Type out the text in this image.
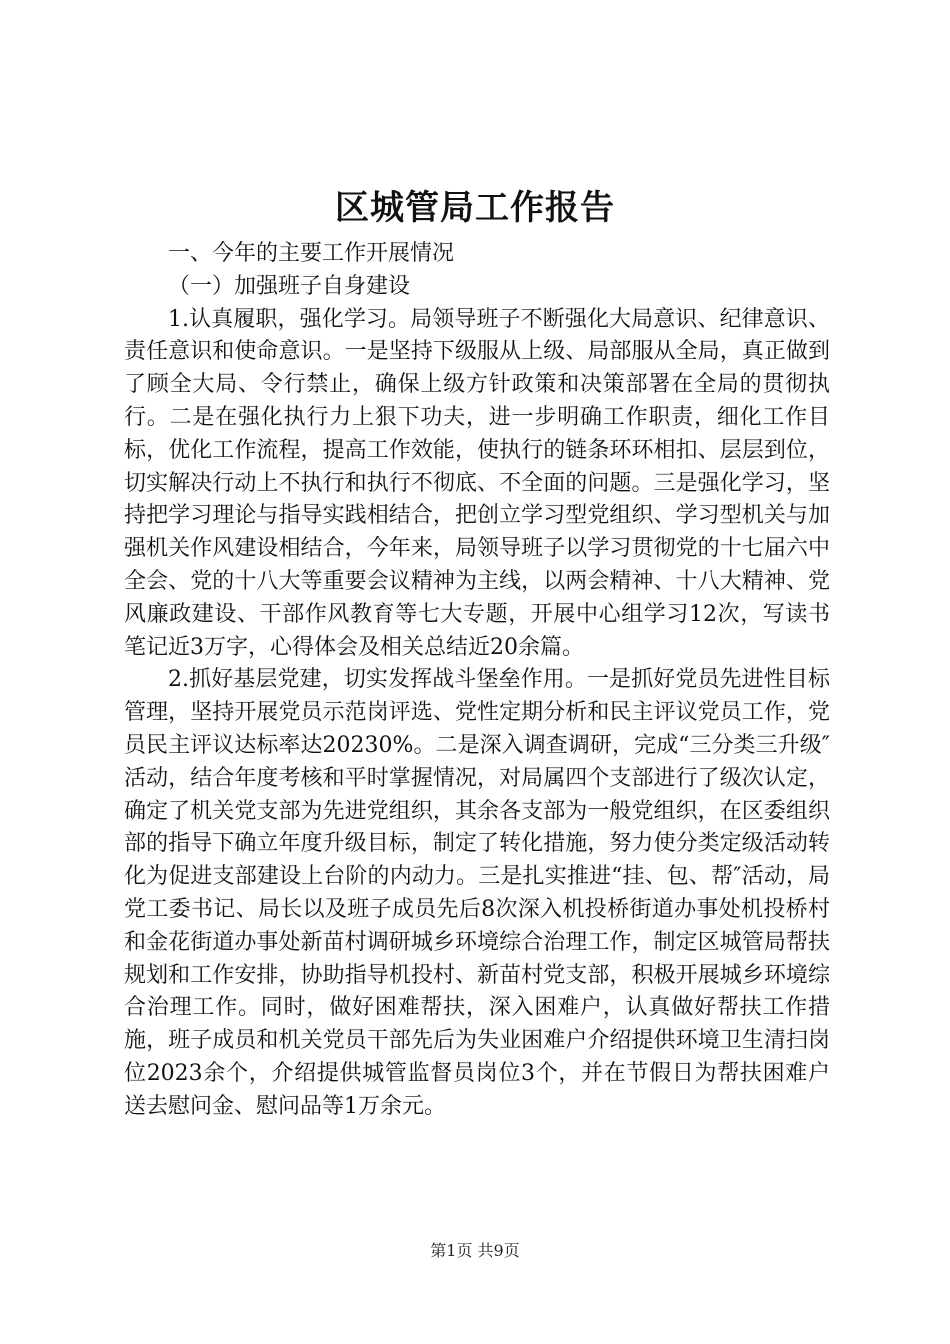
区城管局工作报告

一、今年的主要工作开展情况

（一）加强班子自身建设

1.认真履职，强化学习。局领导班子不断强化大局意识、纪律意识、责任意识和使命意识。一是坚持下级服从上级、局部服从全局，真正做到了顾全大局、令行禁止，确保上级方针政策和决策部署在全局的贯彻执行。二是在强化执行力上狠下功夫，进一步明确工作职责，细化工作目标，优化工作流程，提高工作效能，使执行的链条环环相扣、层层到位，切实解决行动上不执行和执行不彻底、不全面的问题。三是强化学习，坚持把学习理论与指导实践相结合，把创立学习型党组织、学习型机关与加强机关作风建设相结合，今年来，局领导班子以学习贯彻党的十七届六中全会、党的十八大等重要会议精神为主线，以两会精神、十八大精神、党风廉政建设、干部作风教育等七大专题，开展中心组学习12次，写读书笔记近3万字，心得体会及相关总结近20余篇。

2.抓好基层党建，切实发挥战斗堡垒作用。一是抓好党员先进性目标管理，坚持开展党员示范岗评选、党性定期分析和民主评议党员工作，党员民主评议达标率达20230%。二是深入调查调研，完成“三分类三升级″活动，结合年度考核和平时掌握情况，对局属四个支部进行了级次认定，确定了机关党支部为先进党组织，其余各支部为一般党组织，在区委组织部的指导下确立年度升级目标，制定了转化措施，努力使分类定级活动转化为促进支部建设上台阶的内动力。三是扎实推进“挂、包、帮″活动，局党工委书记、局长以及班子成员先后8次深入机投桥街道办事处机投桥村和金花街道办事处新苗村调研城乡环境综合治理工作，制定区城管局帮扶规划和工作安排，协助指导机投村、新苗村党支部，积极开展城乡环境综合治理工作。同时，做好困难帮扶，深入困难户，认真做好帮扶工作措施，班子成员和机关党员干部先后为失业困难户介绍提供环境卫生清扫岗位2023余个，介绍提供城管监督员岗位3个，并在节假日为帮扶困难户送去慰问金、慰问品等1万余元。

第1页 共9页
